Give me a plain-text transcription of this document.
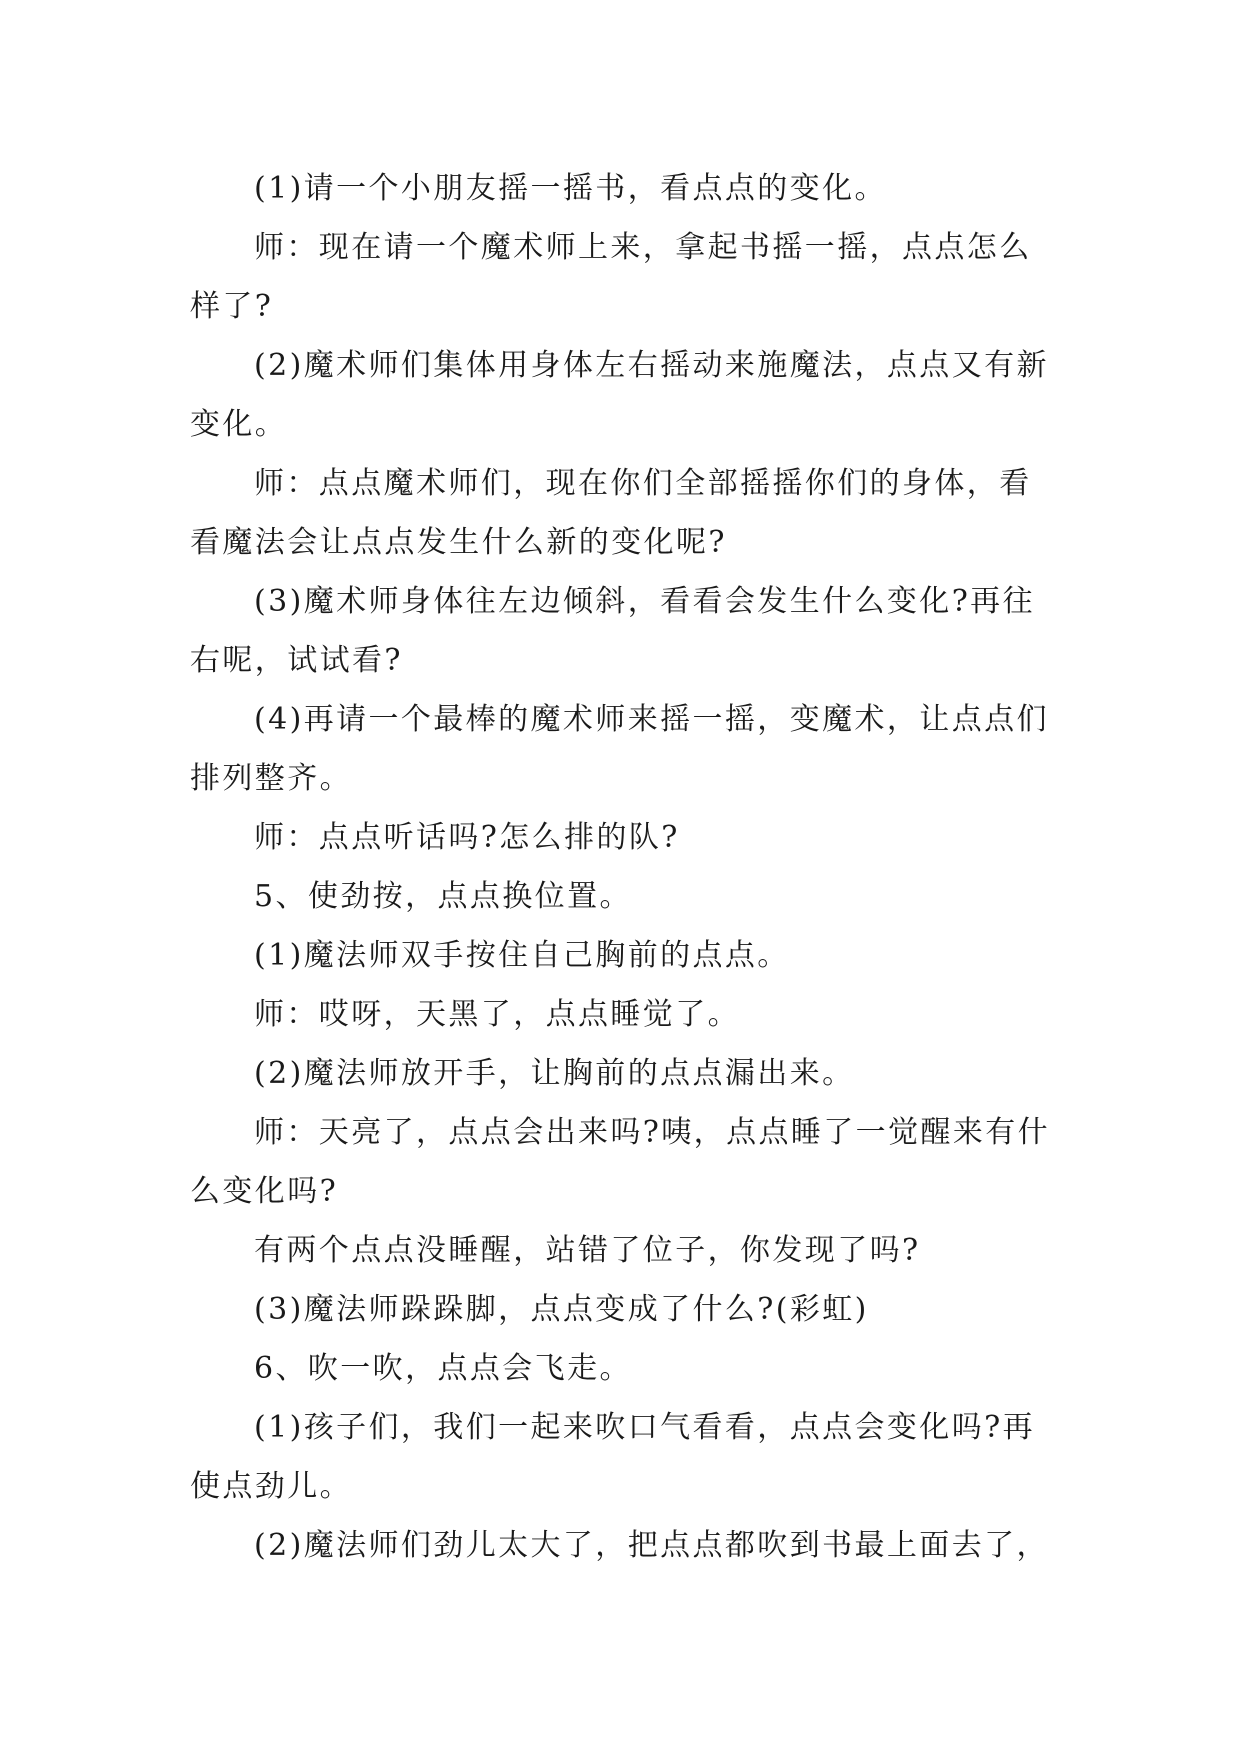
(1)请一个小朋友摇一摇书，看点点的变化。

师：现在请一个魔术师上来，拿起书摇一摇，点点怎么样了?

(2)魔术师们集体用身体左右摇动来施魔法，点点又有新变化。

师：点点魔术师们，现在你们全部摇摇你们的身体，看看魔法会让点点发生什么新的变化呢?

(3)魔术师身体往左边倾斜，看看会发生什么变化?再往右呢，试试看?

(4)再请一个最棒的魔术师来摇一摇，变魔术，让点点们排列整齐。

师：点点听话吗?怎么排的队?

5、使劲按，点点换位置。

(1)魔法师双手按住自己胸前的点点。

师：哎呀，天黑了，点点睡觉了。

(2)魔法师放开手，让胸前的点点漏出来。

师：天亮了，点点会出来吗?咦，点点睡了一觉醒来有什么变化吗?

有两个点点没睡醒，站错了位子，你发现了吗?

(3)魔法师跺跺脚，点点变成了什么?(彩虹)

6、吹一吹，点点会飞走。

(1)孩子们，我们一起来吹口气看看，点点会变化吗?再使点劲儿。

(2)魔法师们劲儿太大了，把点点都吹到书最上面去了，
